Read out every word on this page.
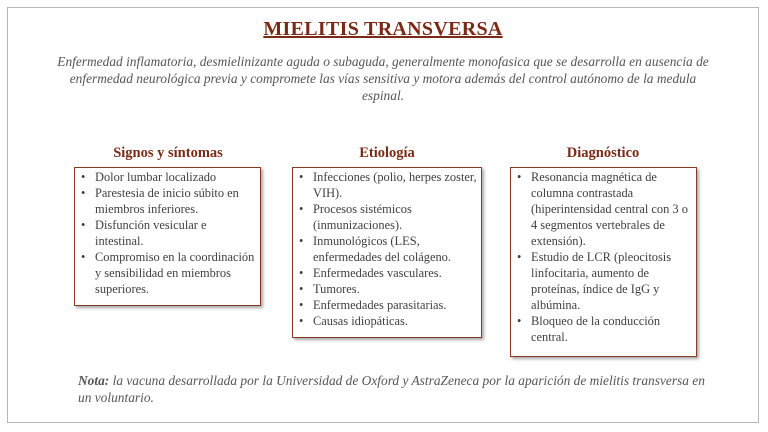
MIELITIS TRANSVERSA
Enfermedad inflamatoria, desmielinizante aguda o subaguda, generalmente monofasica que se desarrolla en ausencia de enfermedad neurológica previa y compromete las vías sensitiva y motora además del control autónomo de la medula espinal.
Signos y síntomas
• Dolor lumbar localizado
• Parestesia de inicio súbito en miembros inferiores.
• Disfunción vesicular e intestinal.
• Compromiso en la coordinación y sensibilidad en miembros superiores.
Etiología
• Infecciones (polio, herpes zoster, VIH).
• Procesos sistémicos (inmunizaciones).
• Inmunológicos (LES, enfermedades del colágeno.
• Enfermedades vasculares.
• Tumores.
• Enfermedades parasitarias.
• Causas idiopáticas.
Diagnóstico
• Resonancia magnética de columna contrastada (hiperintensidad central con 3 o 4 segmentos vertebrales de extensión).
• Estudio de LCR (pleocitosis linfocitaria, aumento de proteínas, índice de IgG y albúmina.
• Bloqueo de la conducción central.
Nota: la vacuna desarrollada por la Universidad de Oxford y AstraZeneca por la aparición de mielitis transversa en un voluntario.
